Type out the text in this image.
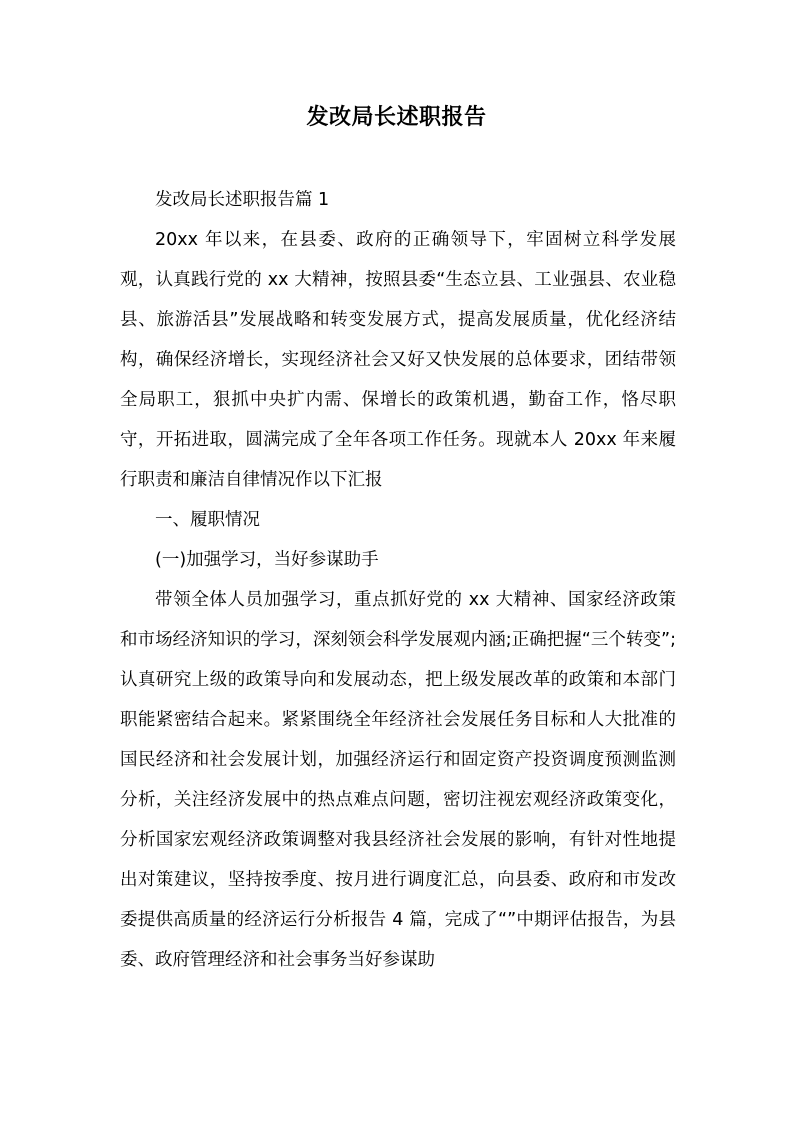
发改局长述职报告

发改局长述职报告篇 1

20xx 年以来，在县委、政府的正确领导下，牢固树立科学发展观，认真践行党的 xx 大精神，按照县委“生态立县、工业强县、农业稳县、旅游活县”发展战略和转变发展方式，提高发展质量，优化经济结构，确保经济增长，实现经济社会又好又快发展的总体要求，团结带领全局职工，狠抓中央扩内需、保增长的政策机遇，勤奋工作，恪尽职守，开拓进取，圆满完成了全年各项工作任务。现就本人 20xx 年来履行职责和廉洁自律情况作以下汇报

一、履职情况

(一)加强学习，当好参谋助手

带领全体人员加强学习，重点抓好党的 xx 大精神、国家经济政策和市场经济知识的学习，深刻领会科学发展观内涵;正确把握“三个转变”;认真研究上级的政策导向和发展动态，把上级发展改革的政策和本部门职能紧密结合起来。紧紧围绕全年经济社会发展任务目标和人大批准的国民经济和社会发展计划，加强经济运行和固定资产投资调度预测监测分析，关注经济发展中的热点难点问题，密切注视宏观经济政策变化，分析国家宏观经济政策调整对我县经济社会发展的影响，有针对性地提出对策建议，坚持按季度、按月进行调度汇总，向县委、政府和市发改委提供高质量的经济运行分析报告 4 篇，完成了“”中期评估报告，为县委、政府管理经济和社会事务当好参谋助
